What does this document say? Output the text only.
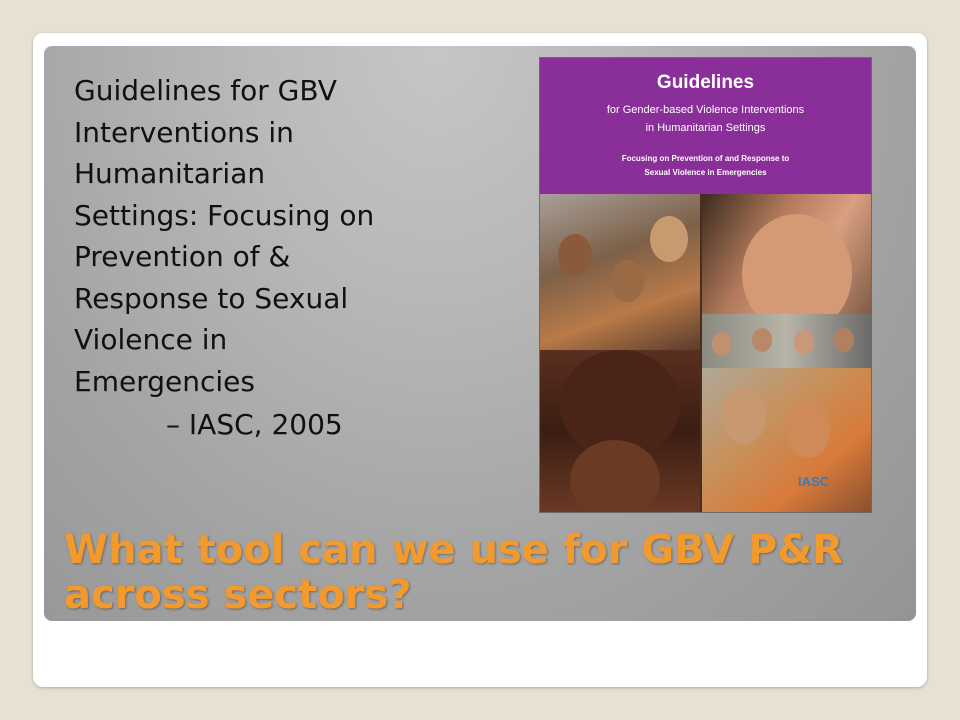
Guidelines for GBV
Interventions in
Humanitarian
Settings: Focusing on
Prevention of &
Response to Sexual
Violence in
Emergencies
– IASC, 2005
Guidelines
for Gender-based Violence Interventions
in Humanitarian Settings
Focusing on Prevention of and Response to
Sexual Violence in Emergencies
IASC
What tool can we use for GBV P&R
across sectors?
